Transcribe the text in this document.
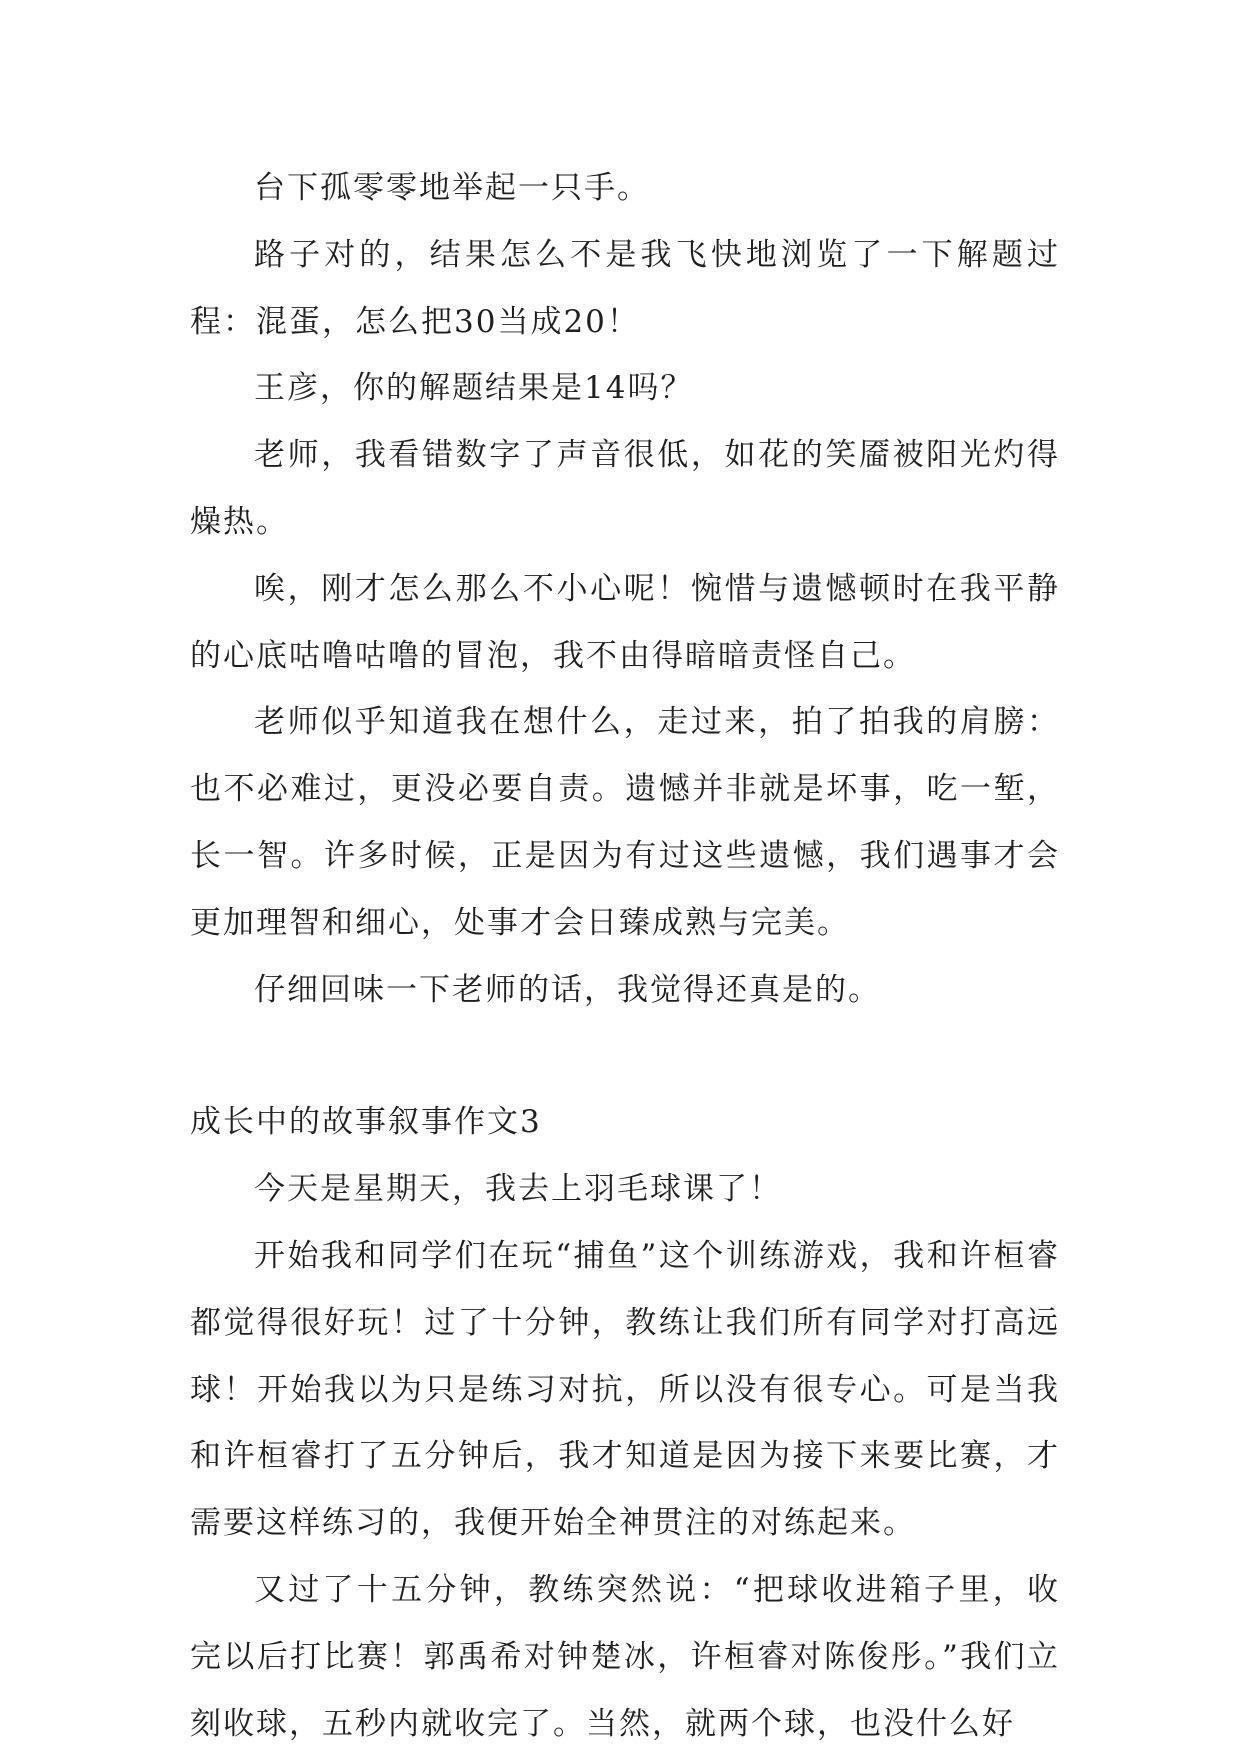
台下孤零零地举起一只手。

路子对的，结果怎么不是我飞快地浏览了一下解题过程：混蛋，怎么把30当成20！

王彦，你的解题结果是14吗？

老师，我看错数字了声音很低，如花的笑靥被阳光灼得燥热。

唉，刚才怎么那么不小心呢！惋惜与遗憾顿时在我平静的心底咕噜咕噜的冒泡，我不由得暗暗责怪自己。

老师似乎知道我在想什么，走过来，拍了拍我的肩膀：也不必难过，更没必要自责。遗憾并非就是坏事，吃一堑，长一智。许多时候，正是因为有过这些遗憾，我们遇事才会更加理智和细心，处事才会日臻成熟与完美。

仔细回味一下老师的话，我觉得还真是的。

成长中的故事叙事作文3

今天是星期天，我去上羽毛球课了！

开始我和同学们在玩“捕鱼”这个训练游戏，我和许桓睿都觉得很好玩！过了十分钟，教练让我们所有同学对打高远球！开始我以为只是练习对抗，所以没有很专心。可是当我和许桓睿打了五分钟后，我才知道是因为接下来要比赛，才需要这样练习的，我便开始全神贯注的对练起来。

又过了十五分钟，教练突然说：“把球收进箱子里，收完以后打比赛！郭禹希对钟楚冰，许桓睿对陈俊彤。”我们立刻收球，五秒内就收完了。当然，就两个球，也没什么好
